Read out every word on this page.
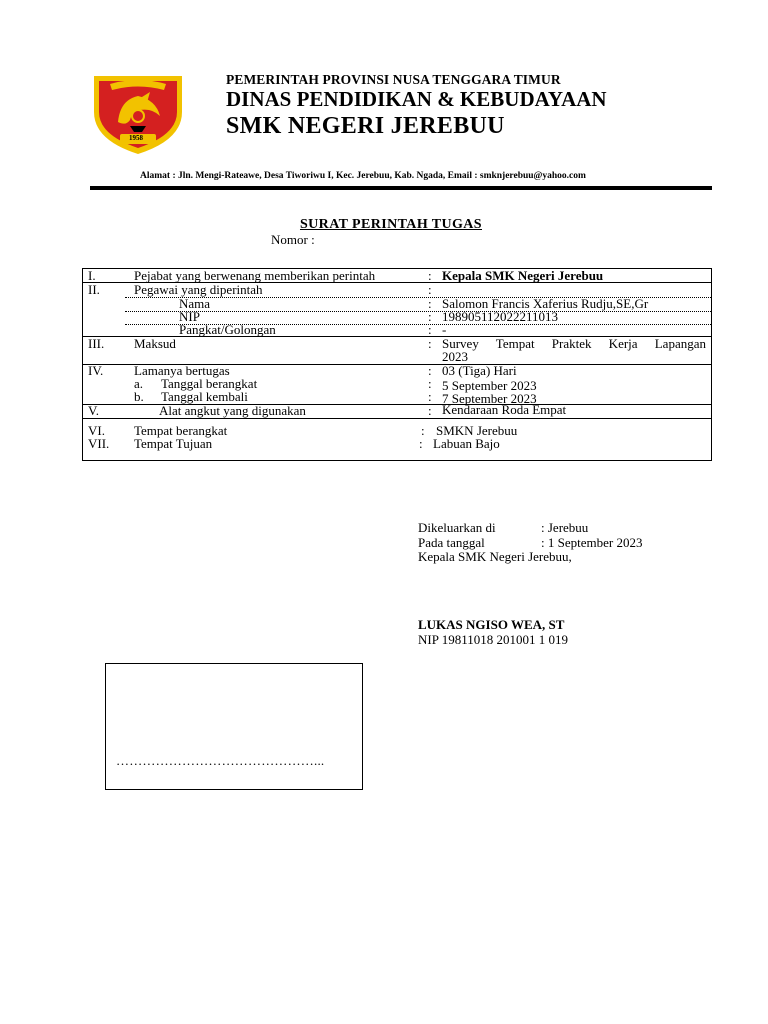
1958
PEMERINTAH PROVINSI NUSA TENGGARA TIMUR
DINAS PENDIDIKAN & KEBUDAYAAN
SMK NEGERI JEREBUU
Alamat : Jln. Mengi-Rateawe, Desa Tiworiwu I, Kec. Jerebuu, Kab. Ngada, Email : smknjerebuu@yahoo.com
SURAT PERINTAH TUGAS
Nomor :
I.	Pejabat yang berwenang memberikan perintah	: Kepala SMK Negeri Jerebuu
II.	Pegawai yang diperintah	:
Nama	: Salomon Francis Xaferius Rudju,SE,Gr
NIP	: 198905112022211013
Pangkat/Golongan	: -
III. Maksud	: Survey Tempat Praktek Kerja Lapangan
2023
IV. Lamanya bertugas	: 03 (Tiga) Hari
a. Tanggal berangkat	: 5 September 2023
b. Tanggal kembali	: 7 September 2023
V.	Alat angkut yang digunakan	: Kendaraan Roda Empat
VI. Tempat berangkat	: SMKN Jerebuu
VII. Tempat Tujuan	: Labuan Bajo
Dikeluarkan di	: Jerebuu
Pada tanggal	: 1 September 2023
Kepala SMK Negeri Jerebuu,
LUKAS NGISO WEA, ST
NIP 19811018 201001 1 019
………………………………………...
